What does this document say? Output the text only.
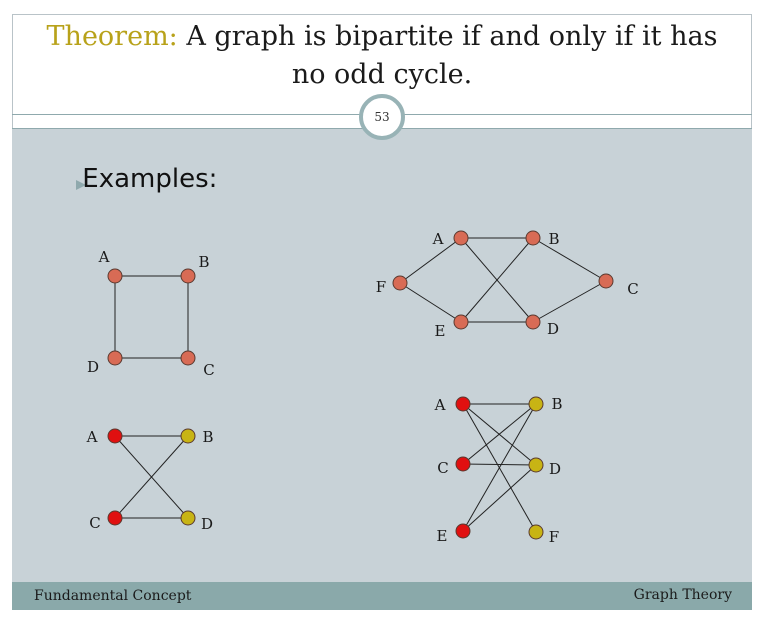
Theorem: A graph is bipartite if and only if it has no odd cycle.
53
Examples:
A	B
C
D
A	B
C
D
E
F
A	B
C	D
A	B
C	D
E	F
Fundamental Concept	Graph Theory
